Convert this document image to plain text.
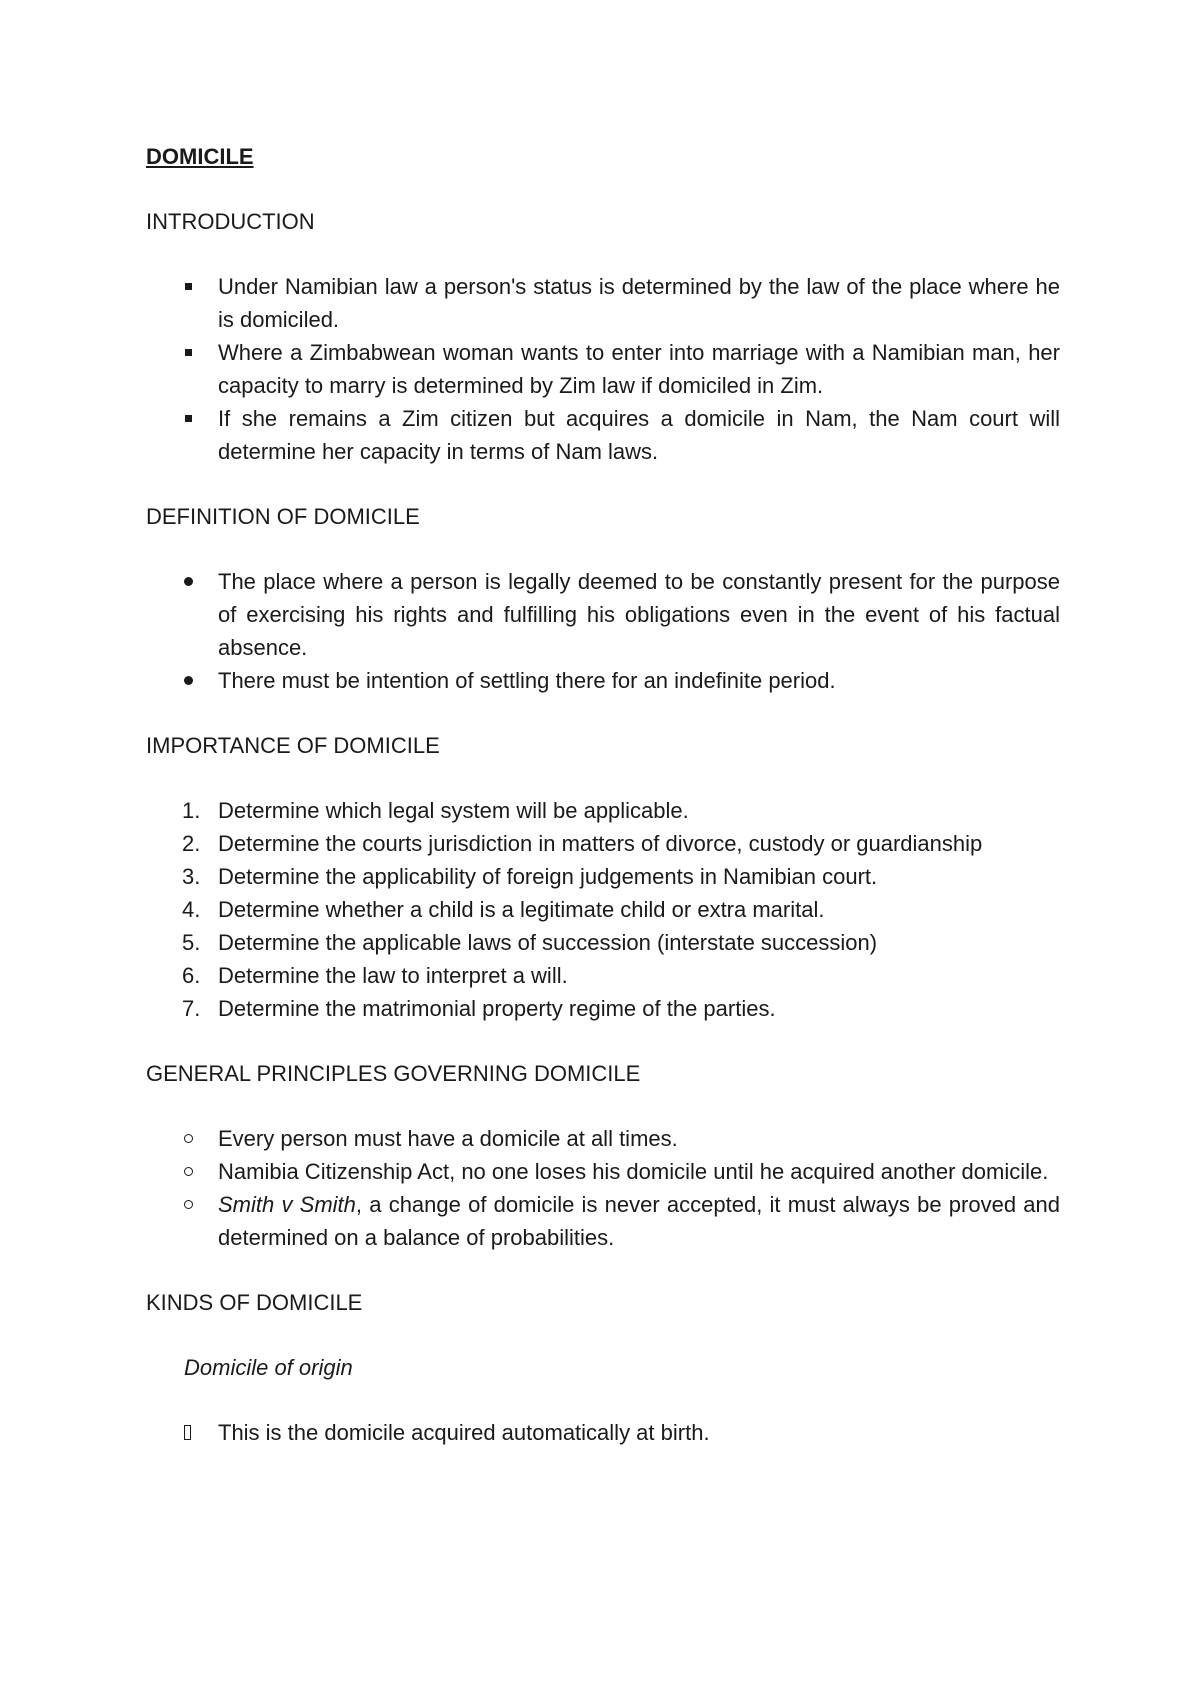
DOMICILE
INTRODUCTION
Under Namibian law a person's status is determined by the law of the place where he is domiciled.
Where a Zimbabwean woman wants to enter into marriage with a Namibian man, her capacity to marry is determined by Zim law if domiciled in Zim.
If she remains a Zim citizen but acquires a domicile in Nam, the Nam court will determine her capacity in terms of Nam laws.
DEFINITION OF DOMICILE
The place where a person is legally deemed to be constantly present for the purpose of exercising his rights and fulfilling his obligations even in the event of his factual absence.
There must be intention of settling there for an indefinite period.
IMPORTANCE OF DOMICILE
1. Determine which legal system will be applicable.
2. Determine the courts jurisdiction in matters of divorce, custody or guardianship
3. Determine the applicability of foreign judgements in Namibian court.
4. Determine whether a child is a legitimate child or extra marital.
5. Determine the applicable laws of succession (interstate succession)
6. Determine the law to interpret a will.
7. Determine the matrimonial property regime of the parties.
GENERAL PRINCIPLES GOVERNING DOMICILE
Every person must have a domicile at all times.
Namibia Citizenship Act, no one loses his domicile until he acquired another domicile.
Smith v Smith, a change of domicile is never accepted, it must always be proved and determined on a balance of probabilities.
KINDS OF DOMICILE
Domicile of origin
This is the domicile acquired automatically at birth.
